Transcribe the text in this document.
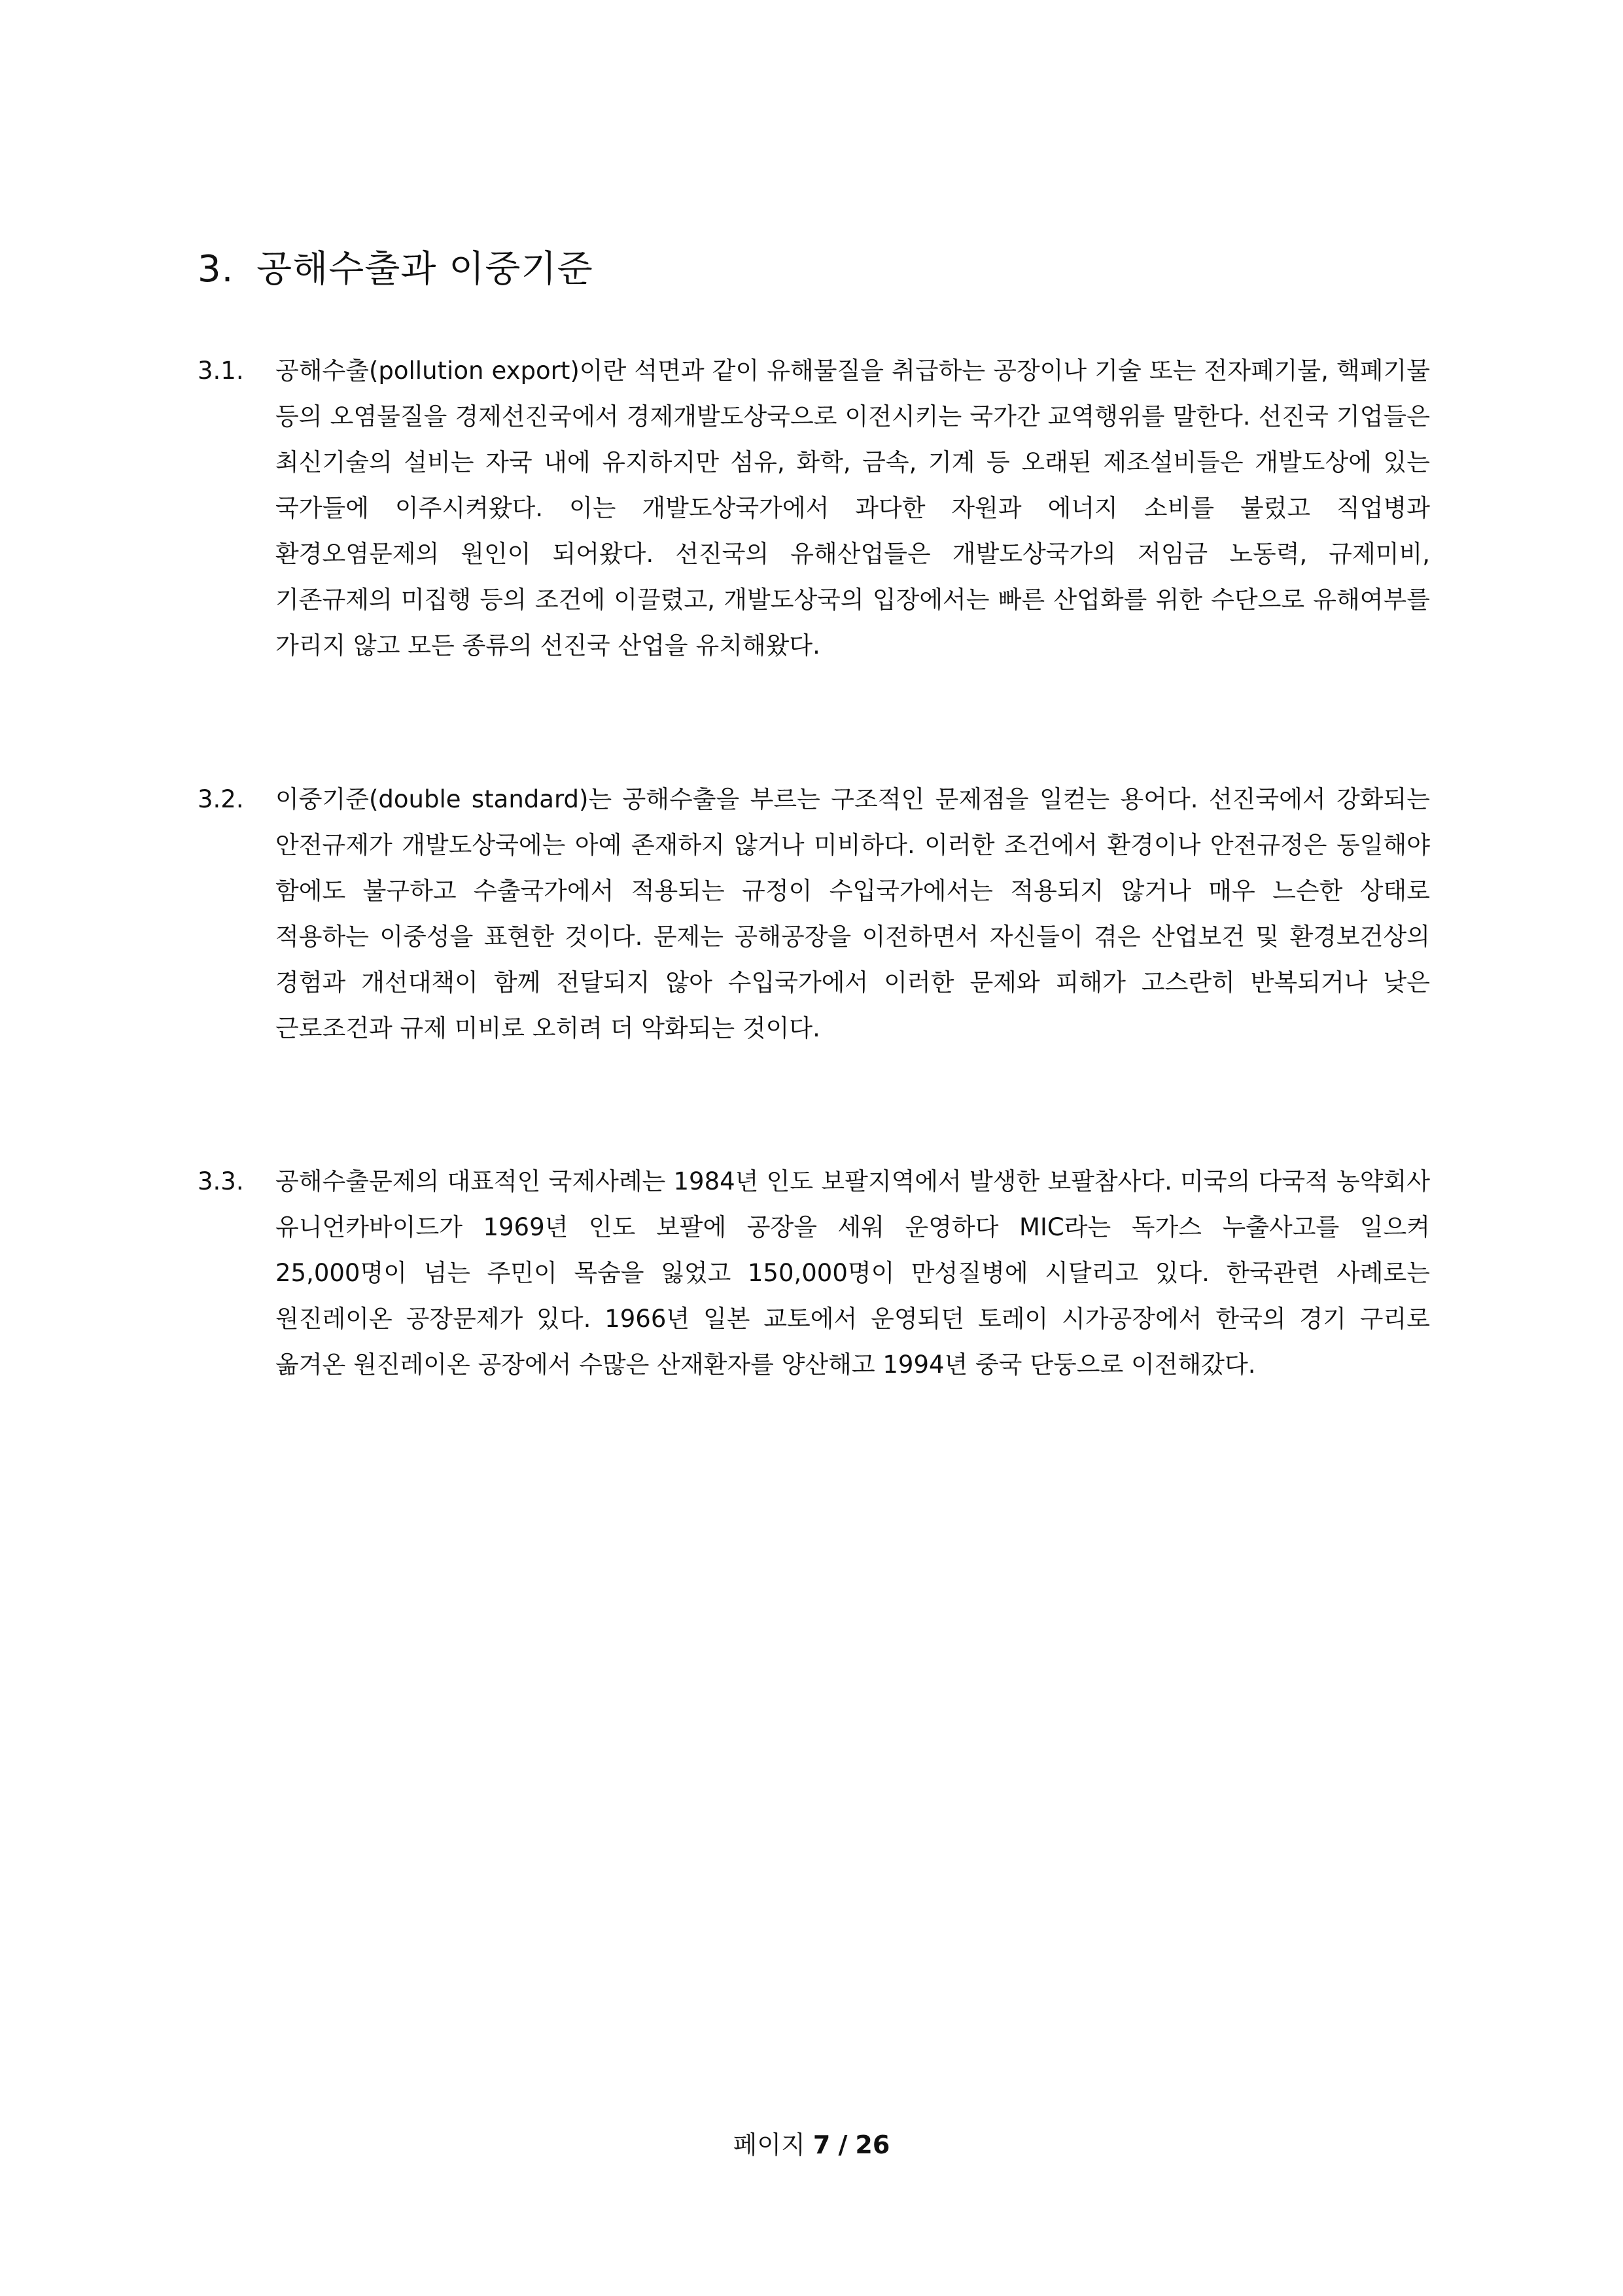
3. 공해수출과 이중기준
3.1.	공해수출(pollution export)이란 석면과 같이 유해물질을 취급하는 공장이나 기술 또는 전자폐기물, 핵폐기물 등의 오염물질을 경제선진국에서 경제개발도상국으로 이전시키는 국가간 교역행위를 말한다. 선진국 기업들은 최신기술의 설비는 자국 내에 유지하지만 섬유, 화학, 금속, 기계 등 오래된 제조설비들은 개발도상에 있는 국가들에 이주시켜왔다. 이는 개발도상국가에서 과다한 자원과 에너지 소비를 불렀고 직업병과 환경오염문제의 원인이 되어왔다. 선진국의 유해산업들은 개발도상국가의 저임금 노동력, 규제미비, 기존규제의 미집행 등의 조건에 이끌렸고, 개발도상국의 입장에서는 빠른 산업화를 위한 수단으로 유해여부를 가리지 않고 모든 종류의 선진국 산업을 유치해왔다.
3.2.	이중기준(double standard)는 공해수출을 부르는 구조적인 문제점을 일컫는 용어다. 선진국에서 강화되는 안전규제가 개발도상국에는 아예 존재하지 않거나 미비하다. 이러한 조건에서 환경이나 안전규정은 동일해야 함에도 불구하고 수출국가에서 적용되는 규정이 수입국가에서는 적용되지 않거나 매우 느슨한 상태로 적용하는 이중성을 표현한 것이다. 문제는 공해공장을 이전하면서 자신들이 겪은 산업보건 및 환경보건상의 경험과 개선대책이 함께 전달되지 않아 수입국가에서 이러한 문제와 피해가 고스란히 반복되거나 낮은 근로조건과 규제 미비로 오히려 더 악화되는 것이다.
3.3.	공해수출문제의 대표적인 국제사례는 1984년 인도 보팔지역에서 발생한 보팔참사다. 미국의 다국적 농약회사 유니언카바이드가 1969년 인도 보팔에 공장을 세워 운영하다 MIC라는 독가스 누출사고를 일으켜 25,000명이 넘는 주민이 목숨을 잃었고 150,000명이 만성질병에 시달리고 있다. 한국관련 사례로는 원진레이온 공장문제가 있다. 1966년 일본 교토에서 운영되던 토레이 시가공장에서 한국의 경기 구리로 옮겨온 원진레이온 공장에서 수많은 산재환자를 양산해고 1994년 중국 단둥으로 이전해갔다.
페이지 7 / 26
